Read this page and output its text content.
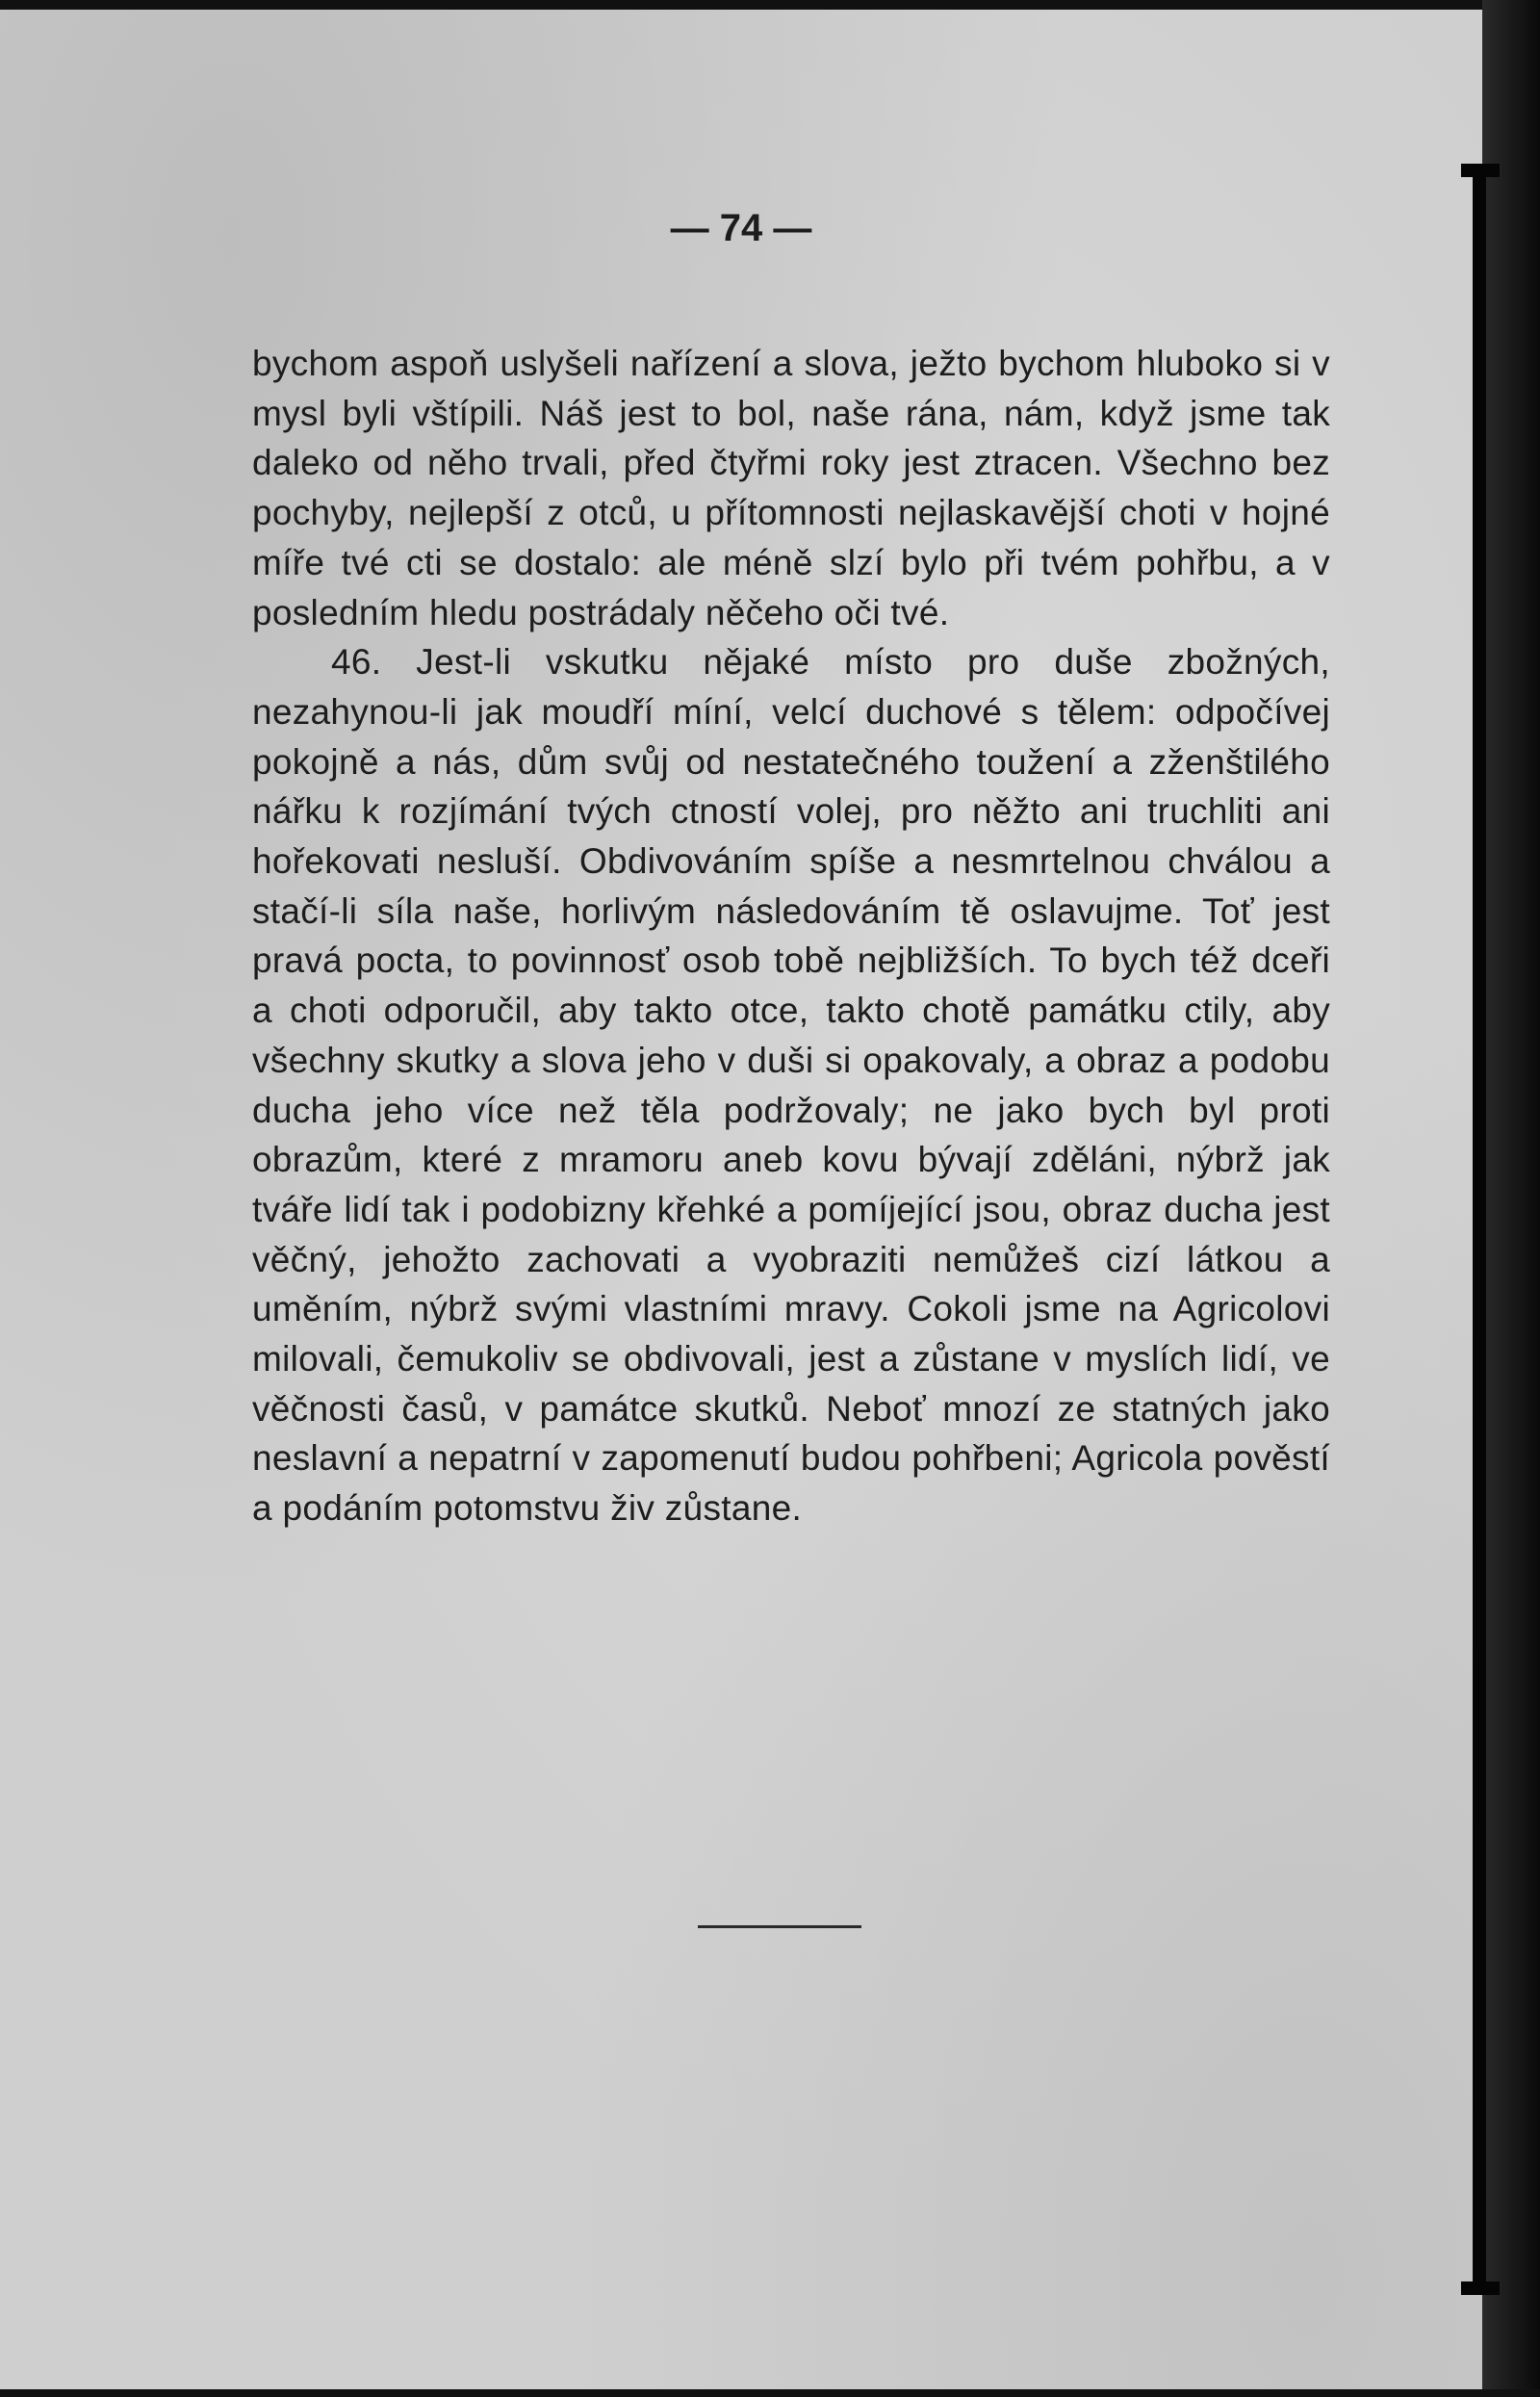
— 74 —

bychom aspoň uslyšeli nařízení a slova, ježto bychom hluboko si v mysl byli vštípili. Náš jest to bol, naše rána, nám, když jsme tak daleko od něho trvali, před čtyřmi roky jest ztracen. Všechno bez pochyby, nejlepší z otců, u přítomnosti nejlaskavější choti v hojné míře tvé cti se dostalo: ale méně slzí bylo při tvém pohřbu, a v posledním hledu postrádaly něčeho oči tvé.

46. Jest-li vskutku nějaké místo pro duše zbožných, nezahynou-li jak moudří míní, velcí duchové s tělem: odpočívej pokojně a nás, dům svůj od nestatečného toužení a zženštilého nářku k rozjímání tvých ctností volej, pro něžto ani truchliti ani hořekovati nesluší. Obdivováním spíše a nesmrtelnou chválou a stačí-li síla naše, horlivým následováním tě oslavujme. Toť jest pravá pocta, to povinnosť osob tobě nejbližších. To bych též dceři a choti odporučil, aby takto otce, takto chotě památku ctily, aby všechny skutky a slova jeho v duši si opakovaly, a obraz a podobu ducha jeho více než těla podržovaly; ne jako bych byl proti obrazům, které z mramoru aneb kovu bývají zděláni, nýbrž jak tváře lidí tak i podobizny křehké a pomíjející jsou, obraz ducha jest věčný, jehožto zachovati a vyobraziti nemůžeš cizí látkou a uměním, nýbrž svými vlastními mravy. Cokoli jsme na Agricolovi milovali, čemukoliv se obdivovali, jest a zůstane v myslích lidí, ve věčnosti časů, v památce skutků. Neboť mnozí ze statných jako neslavní a nepatrní v zapomenutí budou pohřbeni; Agricola pověstí a podáním potomstvu živ zůstane.
